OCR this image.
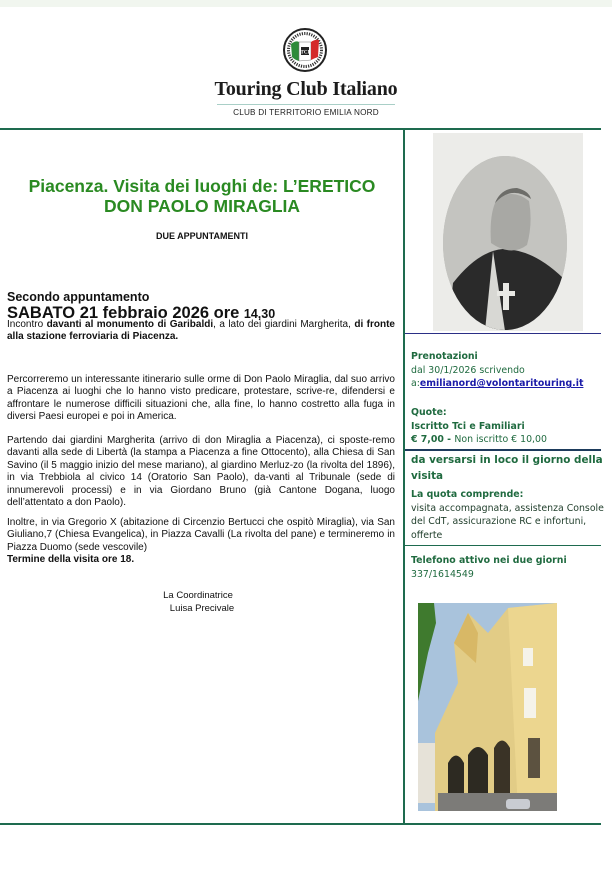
TCI
Touring Club Italiano
CLUB DI TERRITORIO EMILIA NORD
Piacenza. Visita dei luoghi de: L’ERETICO
DON PAOLO MIRAGLIA
DUE APPUNTAMENTI
Secondo appuntamento
SABATO 21 febbraio 2026 ore 14,30
Incontro davanti al monumento di Garibaldi, a lato dei giardini Margherita, di fronte alla stazione ferroviaria di Piacenza.
Percorreremo un interessante itinerario sulle orme di Don Paolo Miraglia, dal suo arrivo a Piacenza ai luoghi che lo hanno visto predicare, protestare, scrive-re, difendersi e affrontare le numerose difficili situazioni che, alla fine, lo hanno costretto alla fuga in diversi Paesi europei e poi in America.
Partendo dai giardini Margherita (arrivo di don Miraglia a Piacenza), ci sposte-remo davanti alla sede di Libertà (la stampa a Piacenza a fine Ottocento), alla Chiesa di San Savino (il 5 maggio inizio del mese mariano), al giardino Merluz-zo (la rivolta del 1896), in via Trebbiola al civico 14 (Oratorio San Paolo), da-vanti al Tribunale (sede di innumerevoli processi) e in via Giordano Bruno (già Cantone Dogana, luogo dell’attentato a don Paolo).
Inoltre, in via Gregorio X (abitazione di Circenzio Bertucci che ospitò Miraglia), via San Giuliano,7 (Chiesa Evangelica), in Piazza Cavalli (La rivolta del pane) e termineremo in Piazza Duomo (sede vescovile)
Termine della visita ore 18.
La Coordinatrice
Luisa Precivale
Prenotazioni
dal 30/1/2026 scrivendo
a:emilianord@volontaritouring.it
Quote:
Iscritto Tci e Familiari
€ 7,00 - Non iscritto € 10,00
da versarsi in loco il giorno della visita
La quota comprende:
visita accompagnata, assistenza Console del CdT, assicurazione RC e infortuni, offerte
Telefono attivo nei due giorni
337/1614549
